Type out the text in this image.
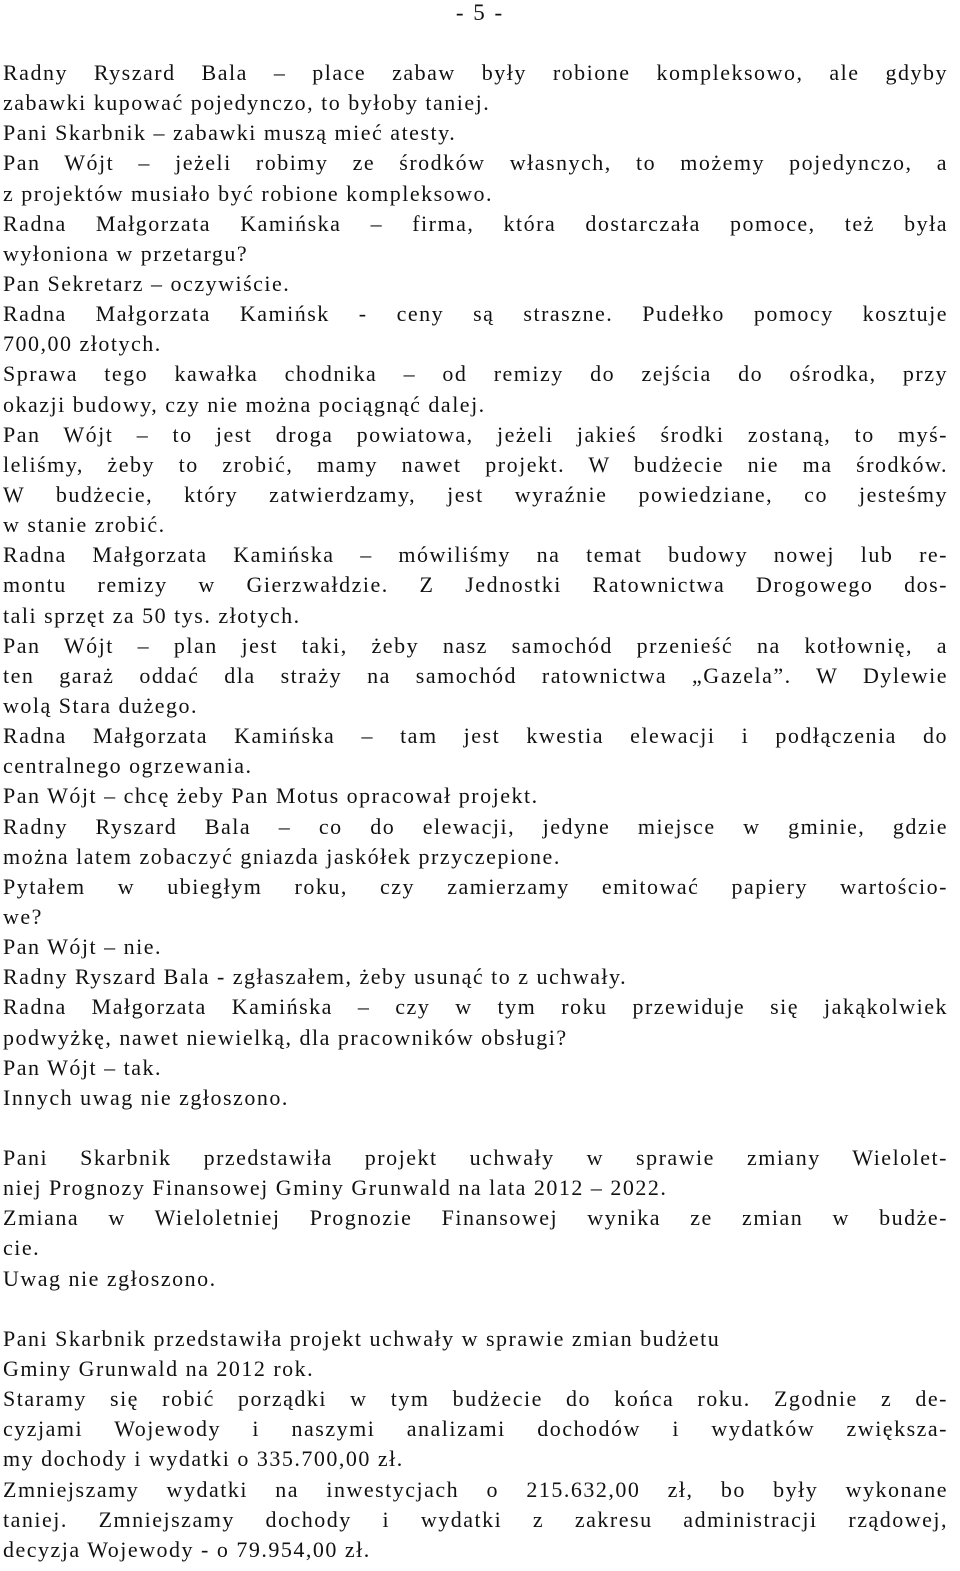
- 5 -
Radny Ryszard Bala – place zabaw były robione kompleksowo, ale gdyby
zabawki kupować pojedynczo, to byłoby taniej.
Pani Skarbnik – zabawki muszą mieć atesty.
Pan Wójt – jeżeli robimy ze środków własnych, to możemy pojedynczo, a
z projektów musiało być robione kompleksowo.
Radna Małgorzata Kamińska – firma, która dostarczała pomoce, też była
wyłoniona w przetargu?
Pan Sekretarz – oczywiście.
Radna Małgorzata Kamińsk - ceny są straszne. Pudełko pomocy kosztuje
700,00 złotych.
Sprawa tego kawałka chodnika – od remizy do zejścia do ośrodka, przy
okazji budowy, czy nie można pociągnąć dalej.
Pan Wójt – to jest droga powiatowa, jeżeli jakieś środki zostaną, to myś-
leliśmy, żeby to zrobić, mamy nawet projekt. W budżecie nie ma środków.
W budżecie, który zatwierdzamy, jest wyraźnie powiedziane, co jesteśmy
w stanie zrobić.
Radna Małgorzata Kamińska – mówiliśmy na temat budowy nowej lub re-
montu remizy w Gierzwałdzie. Z Jednostki Ratownictwa Drogowego dos-
tali sprzęt za 50 tys. złotych.
Pan Wójt – plan jest taki, żeby nasz samochód przenieść na kotłownię, a
ten garaż oddać dla straży na samochód ratownictwa „Gazela”. W Dylewie
wolą Stara dużego.
Radna Małgorzata Kamińska – tam jest kwestia elewacji i podłączenia do
centralnego ogrzewania.
Pan Wójt – chcę żeby Pan Motus opracował projekt.
Radny Ryszard Bala – co do elewacji, jedyne miejsce w gminie, gdzie
można latem zobaczyć gniazda jaskółek przyczepione.
Pytałem w ubiegłym roku, czy zamierzamy emitować papiery wartościo-
we?
Pan Wójt – nie.
Radny Ryszard Bala - zgłaszałem, żeby usunąć to z uchwały.
Radna Małgorzata Kamińska – czy w tym roku przewiduje się jakąkolwiek
podwyżkę, nawet niewielką, dla pracowników obsługi?
Pan Wójt – tak.
Innych uwag nie zgłoszono.
Pani Skarbnik przedstawiła projekt uchwały w sprawie zmiany Wielolet-
niej Prognozy Finansowej Gminy Grunwald na lata 2012 – 2022.
Zmiana w Wieloletniej Prognozie Finansowej wynika ze zmian w budże-
cie.
Uwag nie zgłoszono.
Pani Skarbnik przedstawiła projekt uchwały w sprawie zmian budżetu
Gminy Grunwald na 2012 rok.
Staramy się robić porządki w tym budżecie do końca roku. Zgodnie z de-
cyzjami Wojewody i naszymi analizami dochodów i wydatków zwiększa-
my dochody i wydatki o 335.700,00 zł.
Zmniejszamy wydatki na inwestycjach o 215.632,00 zł, bo były wykonane
taniej. Zmniejszamy dochody i wydatki z zakresu administracji rządowej,
decyzja Wojewody - o 79.954,00 zł.
